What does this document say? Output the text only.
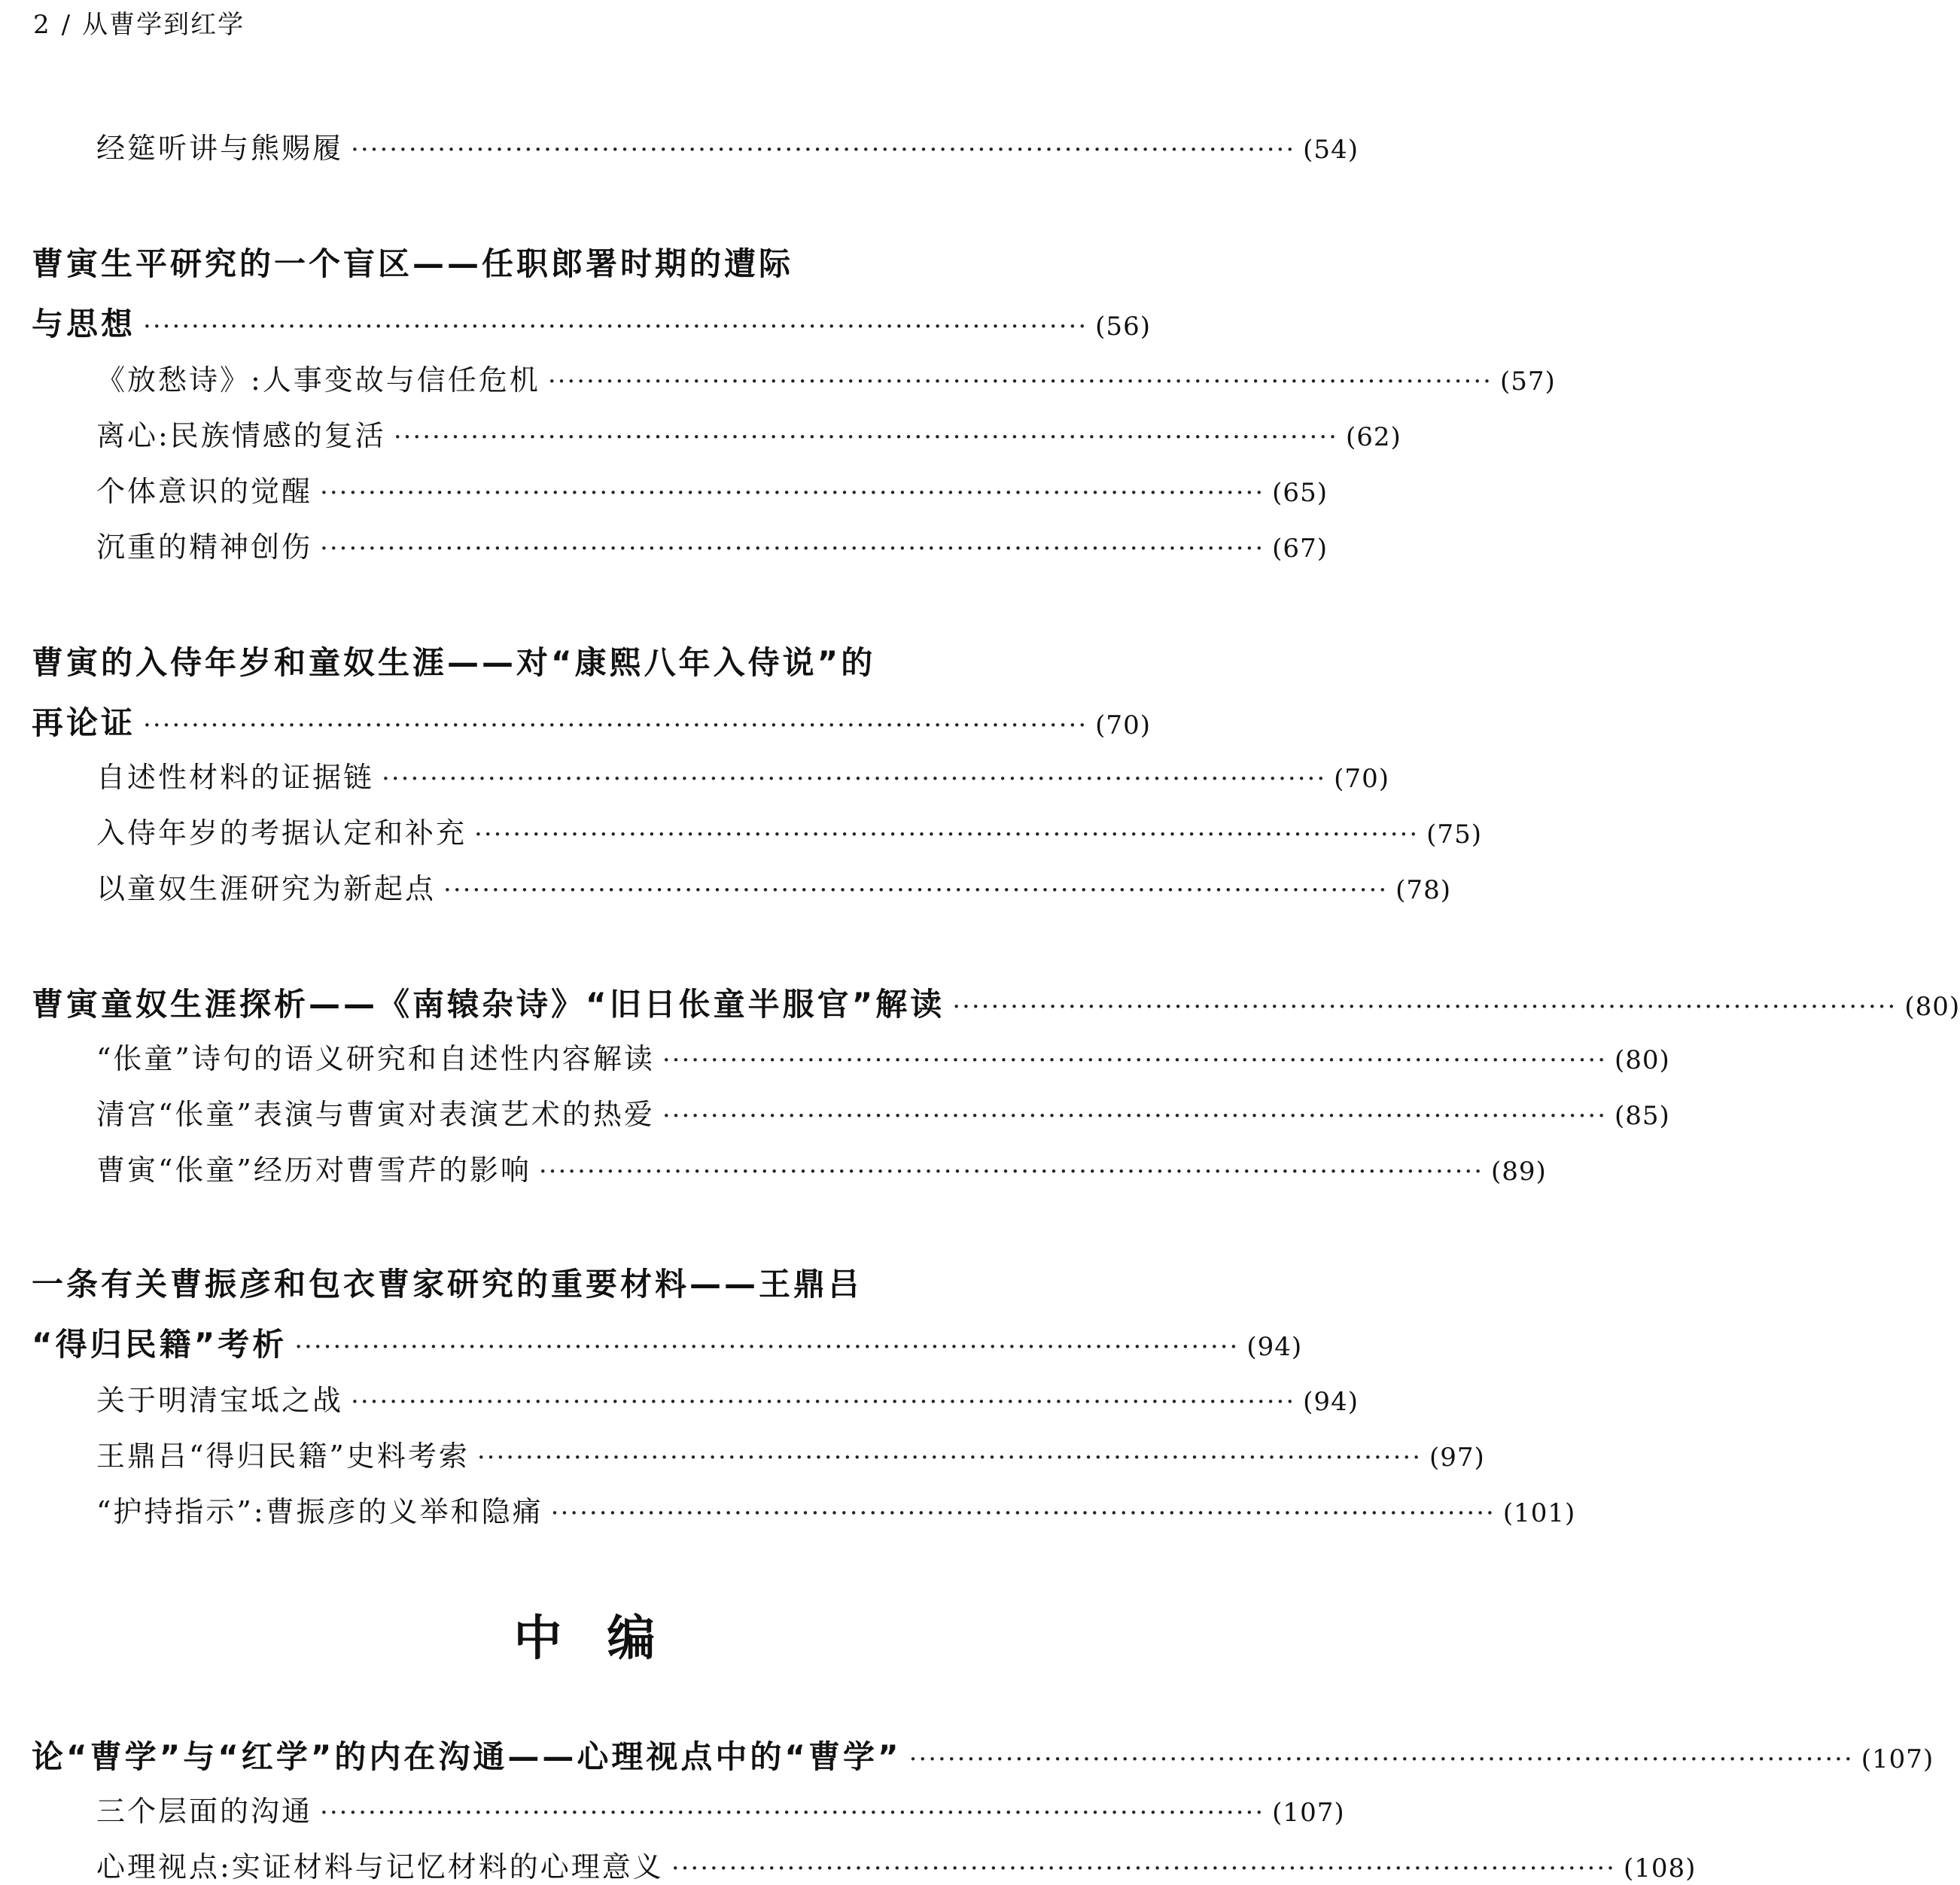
2 / 从曹学到红学
经筵听讲与熊赐履 ·································································································· (54)
曹寅生平研究的一个盲区——任职郎署时期的遭际
与思想 ·································································································· (56)
《放愁诗》:人事变故与信任危机 ·································································································· (57)
离心:民族情感的复活 ·································································································· (62)
个体意识的觉醒 ·································································································· (65)
沉重的精神创伤 ·································································································· (67)
曹寅的入侍年岁和童奴生涯——对“康熙八年入侍说”的
再论证 ·································································································· (70)
自述性材料的证据链 ·································································································· (70)
入侍年岁的考据认定和补充 ·································································································· (75)
以童奴生涯研究为新起点 ·································································································· (78)
曹寅童奴生涯探析——《南辕杂诗》“旧日伥童半服官”解读 ·································································································· (80)
“伥童”诗句的语义研究和自述性内容解读 ·································································································· (80)
清宫“伥童”表演与曹寅对表演艺术的热爱 ·································································································· (85)
曹寅“伥童”经历对曹雪芹的影响 ·································································································· (89)
一条有关曹振彦和包衣曹家研究的重要材料——王鼎吕
“得归民籍”考析 ·································································································· (94)
关于明清宝坻之战 ·································································································· (94)
王鼎吕“得归民籍”史料考索 ·································································································· (97)
“护持指示”:曹振彦的义举和隐痛 ·································································································· (101)
中编
论“曹学”与“红学”的内在沟通——心理视点中的“曹学” ·································································································· (107)
三个层面的沟通 ·································································································· (107)
心理视点:实证材料与记忆材料的心理意义 ·································································································· (108)
